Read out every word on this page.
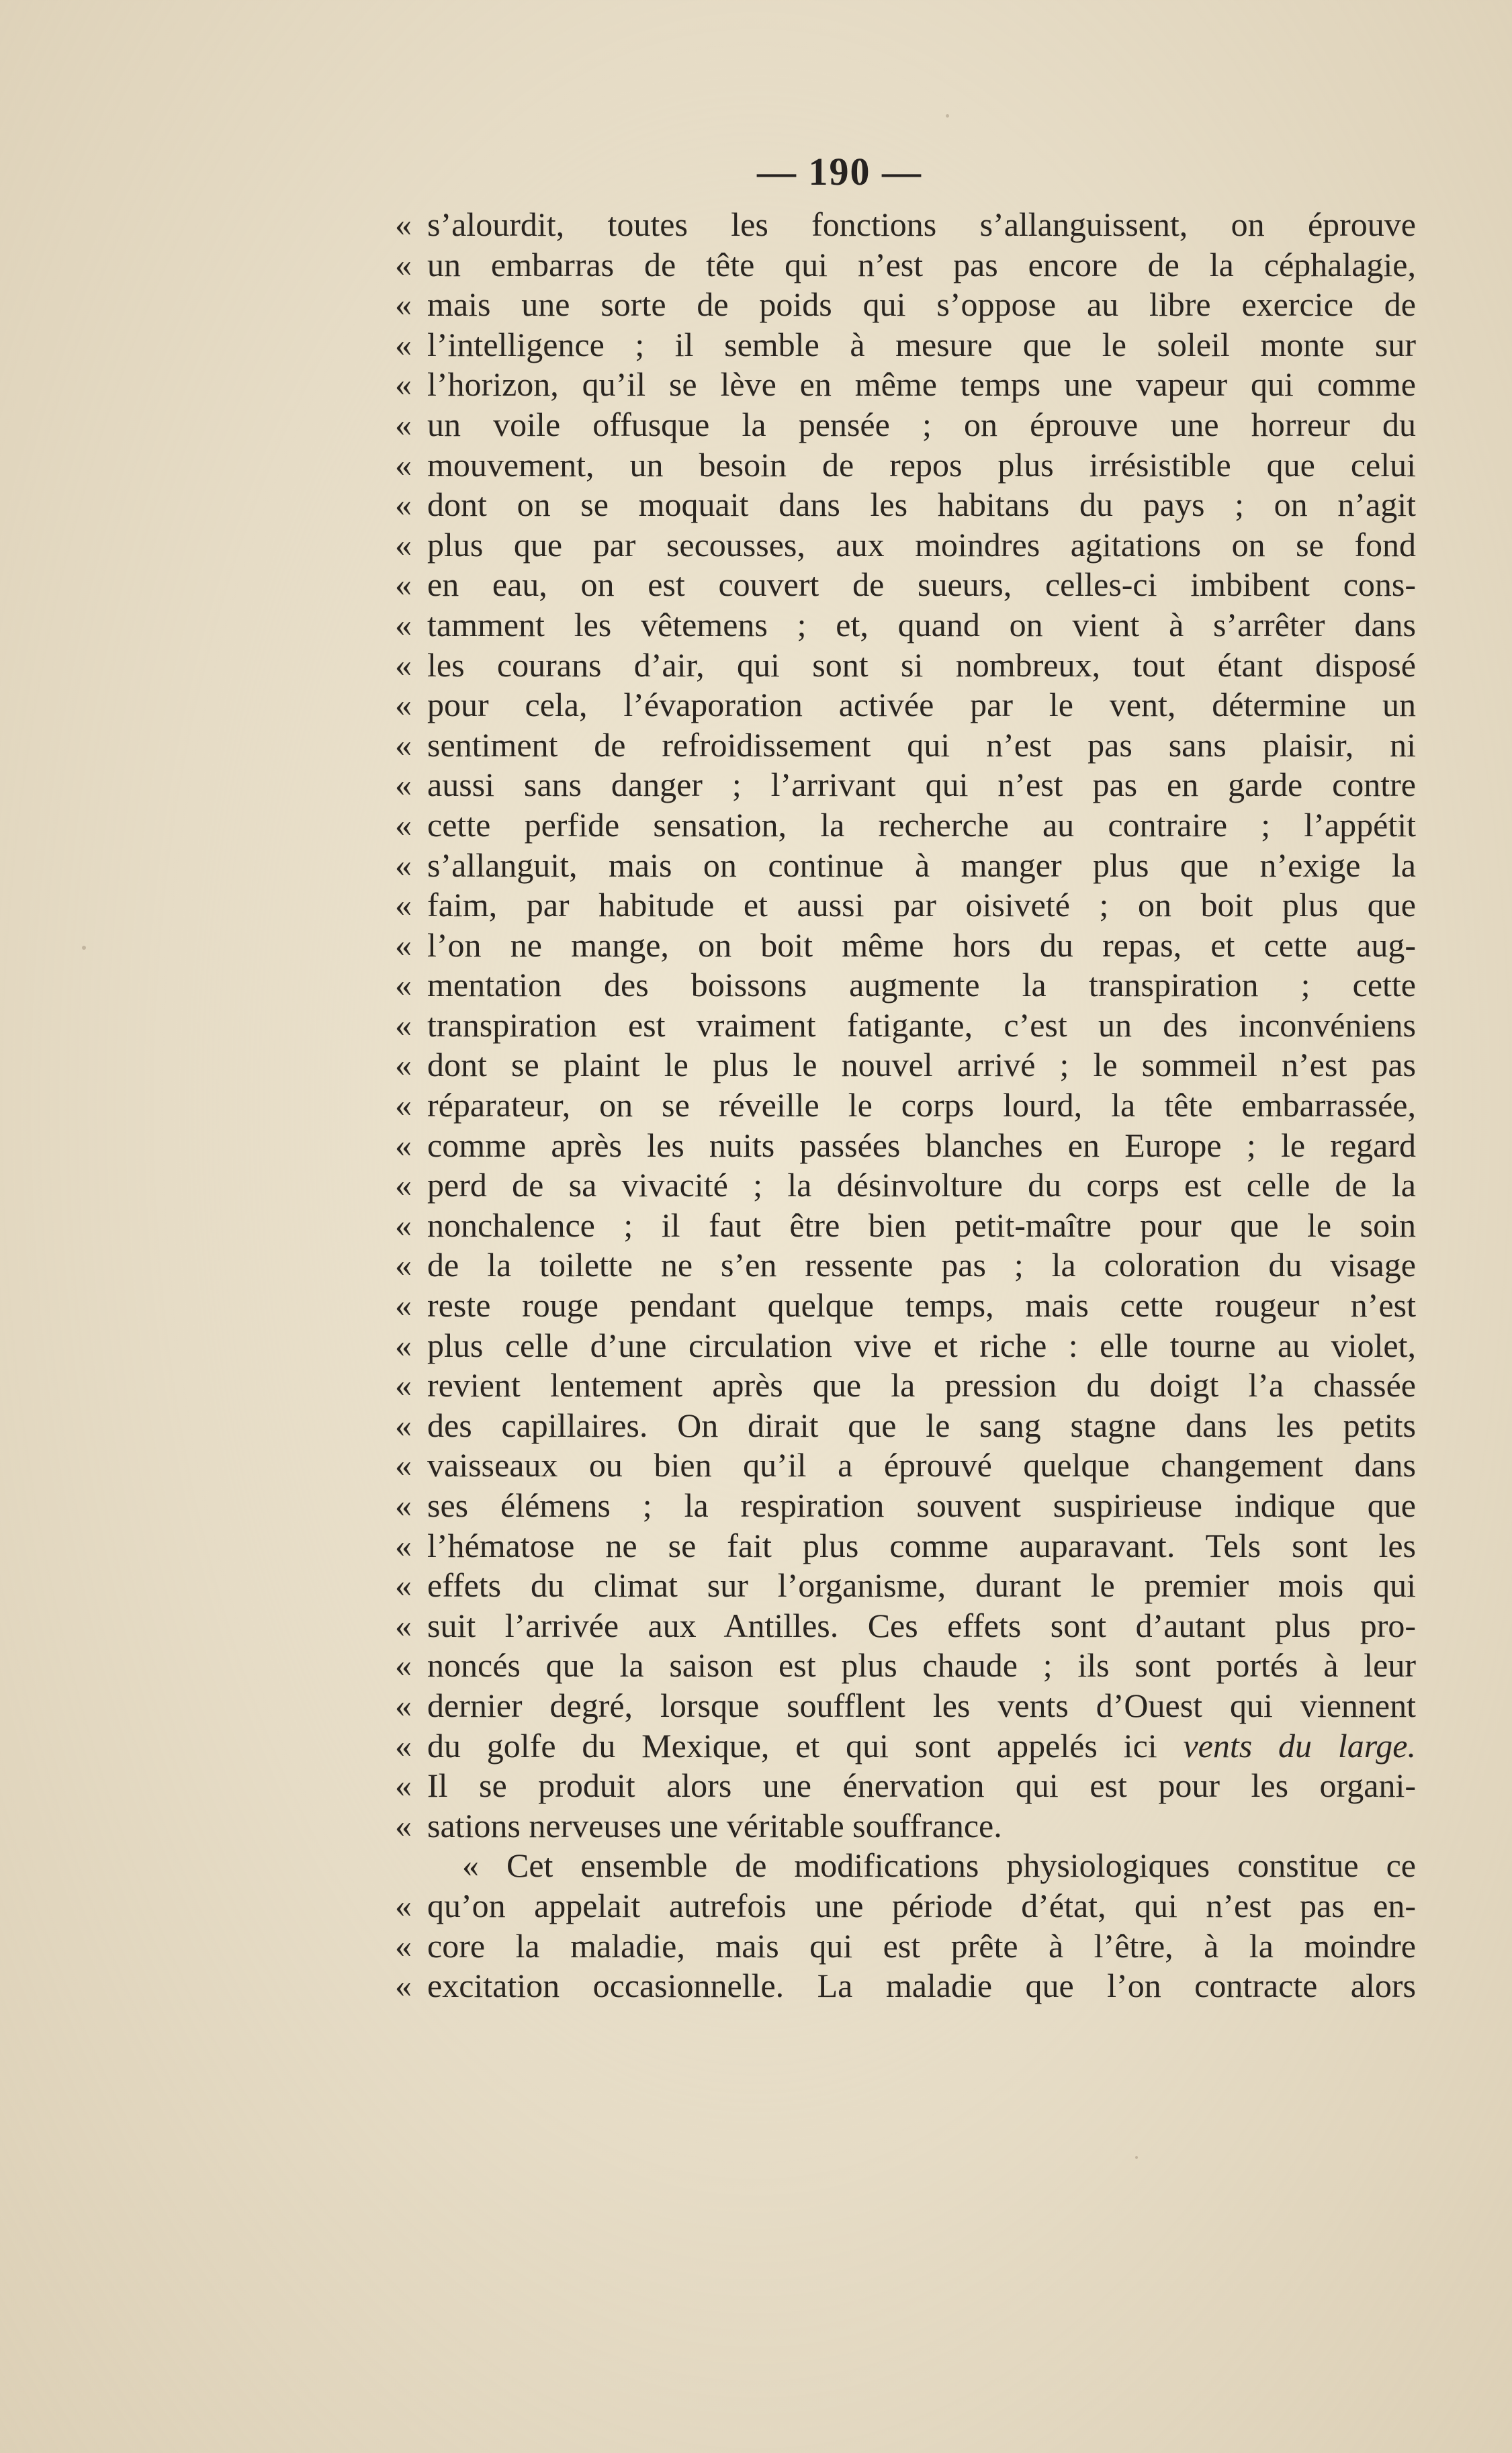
— 190 —
« s’alourdit, toutes les fonctions s’allanguissent, on éprouve
« un embarras de tête qui n’est pas encore de la céphalagie,
« mais une sorte de poids qui s’oppose au libre exercice de
« l’intelligence ; il semble à mesure que le soleil monte sur
« l’horizon, qu’il se lève en même temps une vapeur qui comme
« un voile offusque la pensée ; on éprouve une horreur du
« mouvement, un besoin de repos plus irrésistible que celui
« dont on se moquait dans les habitans du pays ; on n’agit
« plus que par secousses, aux moindres agitations on se fond
« en eau, on est couvert de sueurs, celles-ci imbibent cons-
« tamment les vêtemens ; et, quand on vient à s’arrêter dans
« les courans d’air, qui sont si nombreux, tout étant disposé
« pour cela, l’évaporation activée par le vent, détermine un
« sentiment de refroidissement qui n’est pas sans plaisir, ni
« aussi sans danger ; l’arrivant qui n’est pas en garde contre
« cette perfide sensation, la recherche au contraire ; l’appétit
« s’allanguit, mais on continue à manger plus que n’exige la
« faim, par habitude et aussi par oisiveté ; on boit plus que
« l’on ne mange, on boit même hors du repas, et cette aug-
« mentation des boissons augmente la transpiration ; cette
« transpiration est vraiment fatigante, c’est un des inconvéniens
« dont se plaint le plus le nouvel arrivé ; le sommeil n’est pas
« réparateur, on se réveille le corps lourd, la tête embarrassée,
« comme après les nuits passées blanches en Europe ; le regard
« perd de sa vivacité ; la désinvolture du corps est celle de la
« nonchalence ; il faut être bien petit-maître pour que le soin
« de la toilette ne s’en ressente pas ; la coloration du visage
« reste rouge pendant quelque temps, mais cette rougeur n’est
« plus celle d’une circulation vive et riche : elle tourne au violet,
« revient lentement après que la pression du doigt l’a chassée
« des capillaires. On dirait que le sang stagne dans les petits
« vaisseaux ou bien qu’il a éprouvé quelque changement dans
« ses élémens ; la respiration souvent suspirieuse indique que
« l’hématose ne se fait plus comme auparavant. Tels sont les
« effets du climat sur l’organisme, durant le premier mois qui
« suit l’arrivée aux Antilles. Ces effets sont d’autant plus pro-
« noncés que la saison est plus chaude ; ils sont portés à leur
« dernier degré, lorsque soufflent les vents d’Ouest qui viennent
« du golfe du Mexique, et qui sont appelés ici vents du large.
« Il se produit alors une énervation qui est pour les organi-
« sations nerveuses une véritable souffrance.
« Cet ensemble de modifications physiologiques constitue ce
« qu’on appelait autrefois une période d’état, qui n’est pas en-
« core la maladie, mais qui est prête à l’être, à la moindre
« excitation occasionnelle. La maladie que l’on contracte alors
